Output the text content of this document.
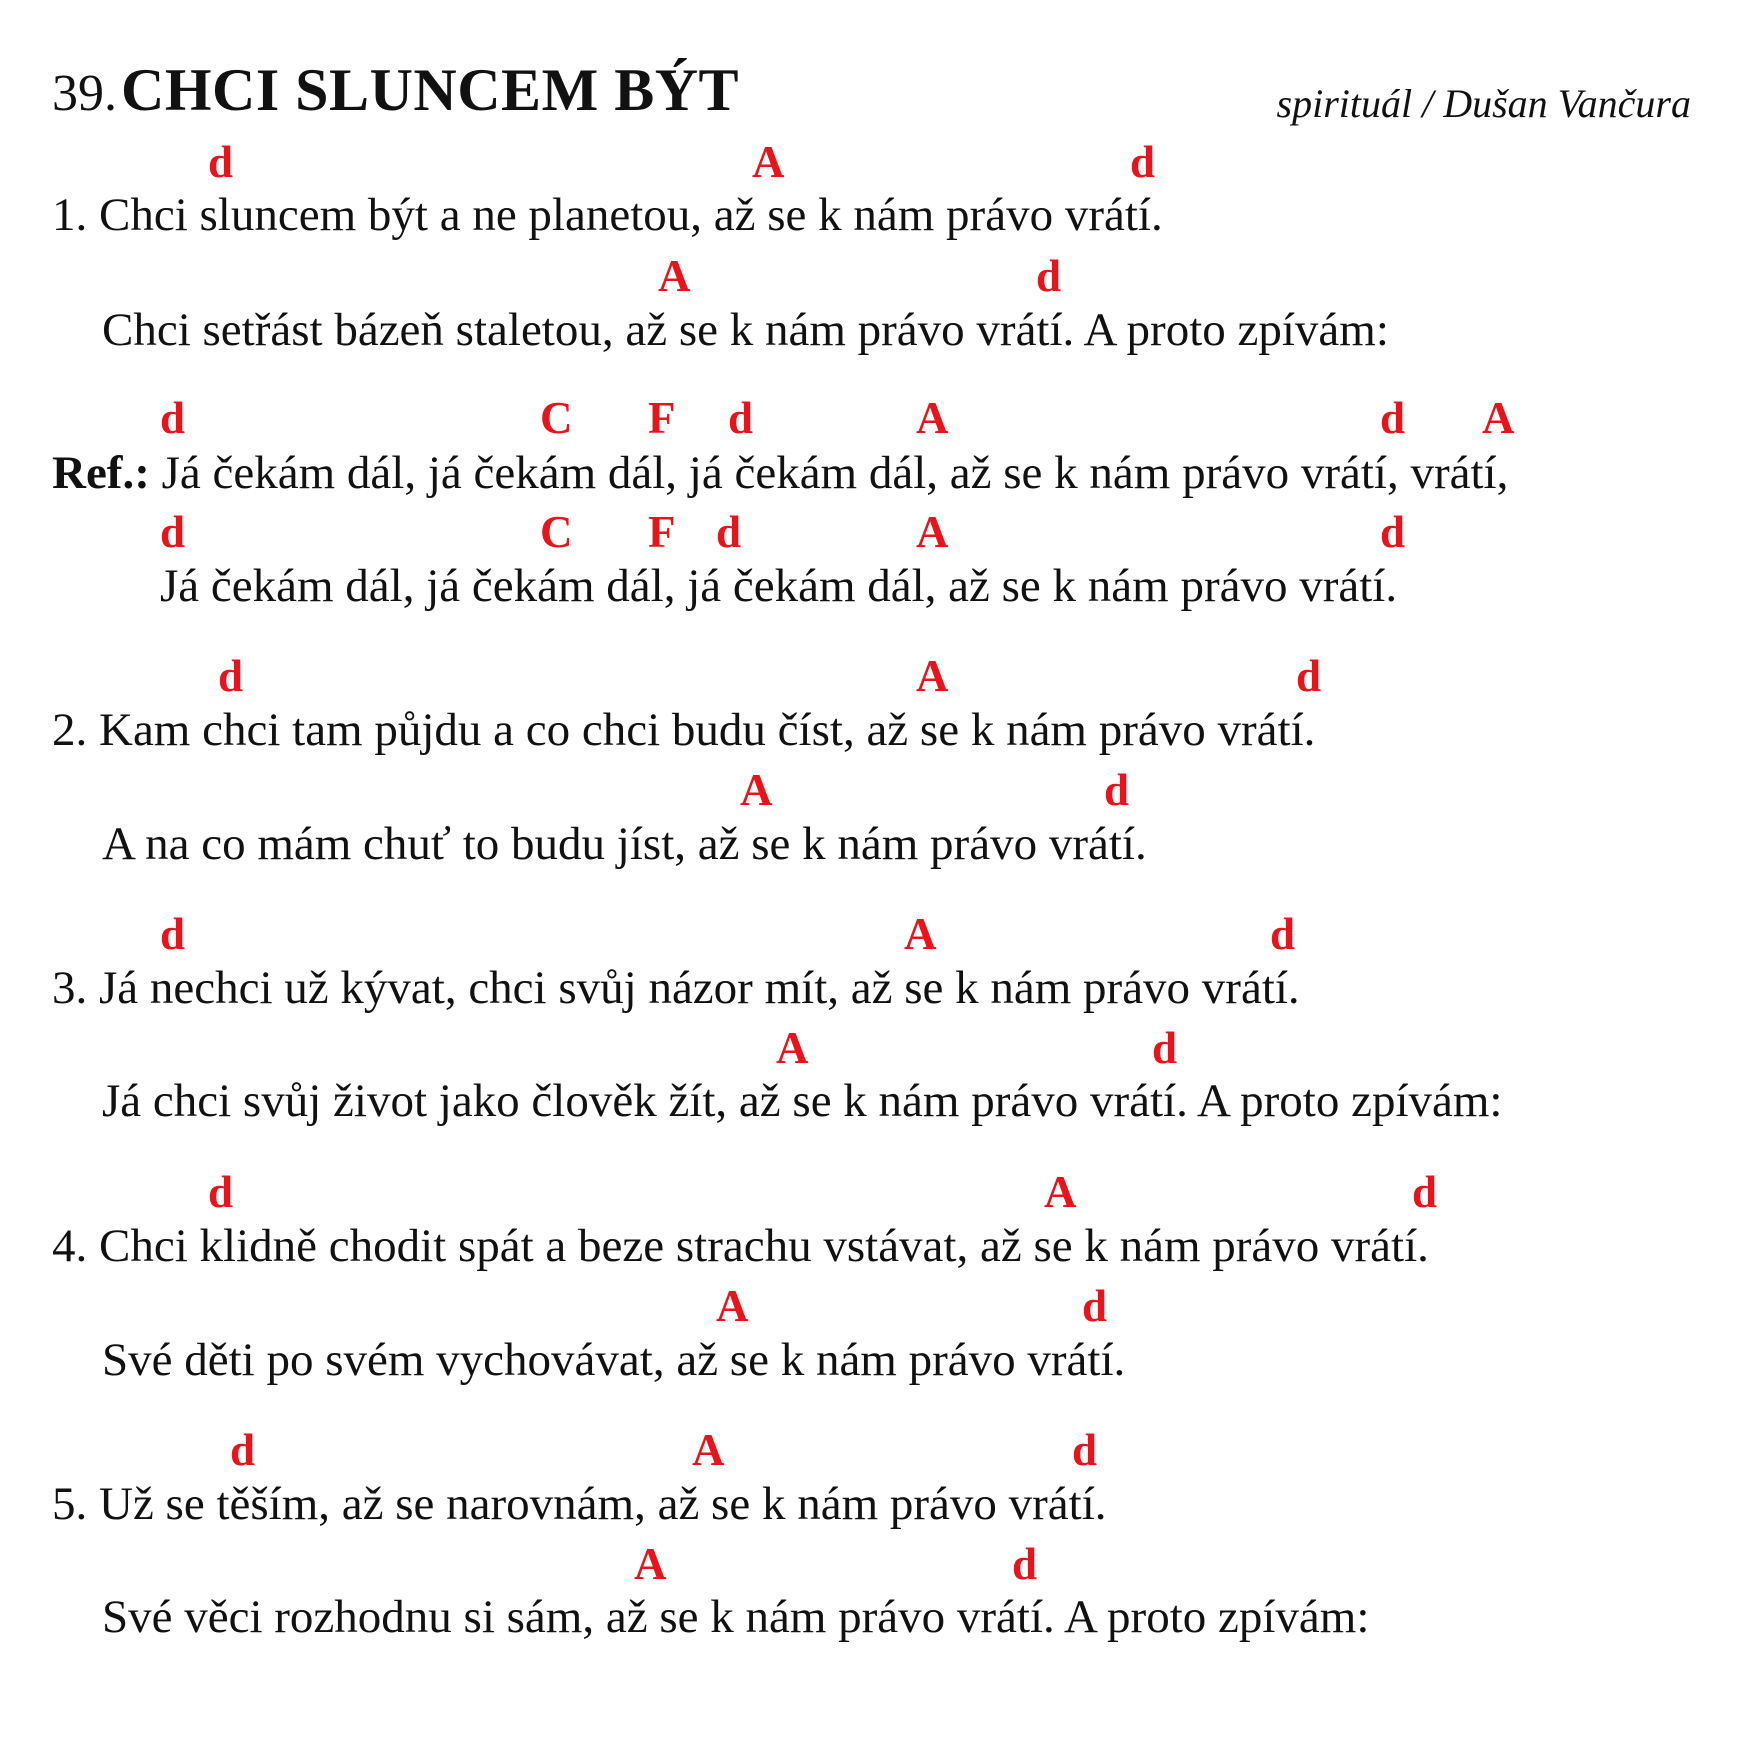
39. CHCI SLUNCEM BÝT	spirituál / Dušan Vančura
d	A	d
1. Chci sluncem být a ne planetou, až se k nám právo vrátí.
A	d
Chci setřást bázeň staletou, až se k nám právo vrátí. A proto zpívám:
d	C F d	A	d A
Ref.: Já čekám dál, já čekám dál, já čekám dál, až se k nám právo vrátí, vrátí,
d	C F d	A	d
Já čekám dál, já čekám dál, já čekám dál, až se k nám právo vrátí.
d	A	d
2. Kam chci tam půjdu a co chci budu číst, až se k nám právo vrátí.
A	d
A na co mám chuť to budu jíst, až se k nám právo vrátí.
d	A	d
3. Já nechci už kývat, chci svůj názor mít, až se k nám právo vrátí.
A	d
Já chci svůj život jako člověk žít, až se k nám právo vrátí. A proto zpívám:
d	A	d
4. Chci klidně chodit spát a beze strachu vstávat, až se k nám právo vrátí.
A	d
Své děti po svém vychovávat, až se k nám právo vrátí.
d	A	d
5. Už se těším, až se narovnám, až se k nám právo vrátí.
A	d
Své věci rozhodnu si sám, až se k nám právo vrátí. A proto zpívám:
